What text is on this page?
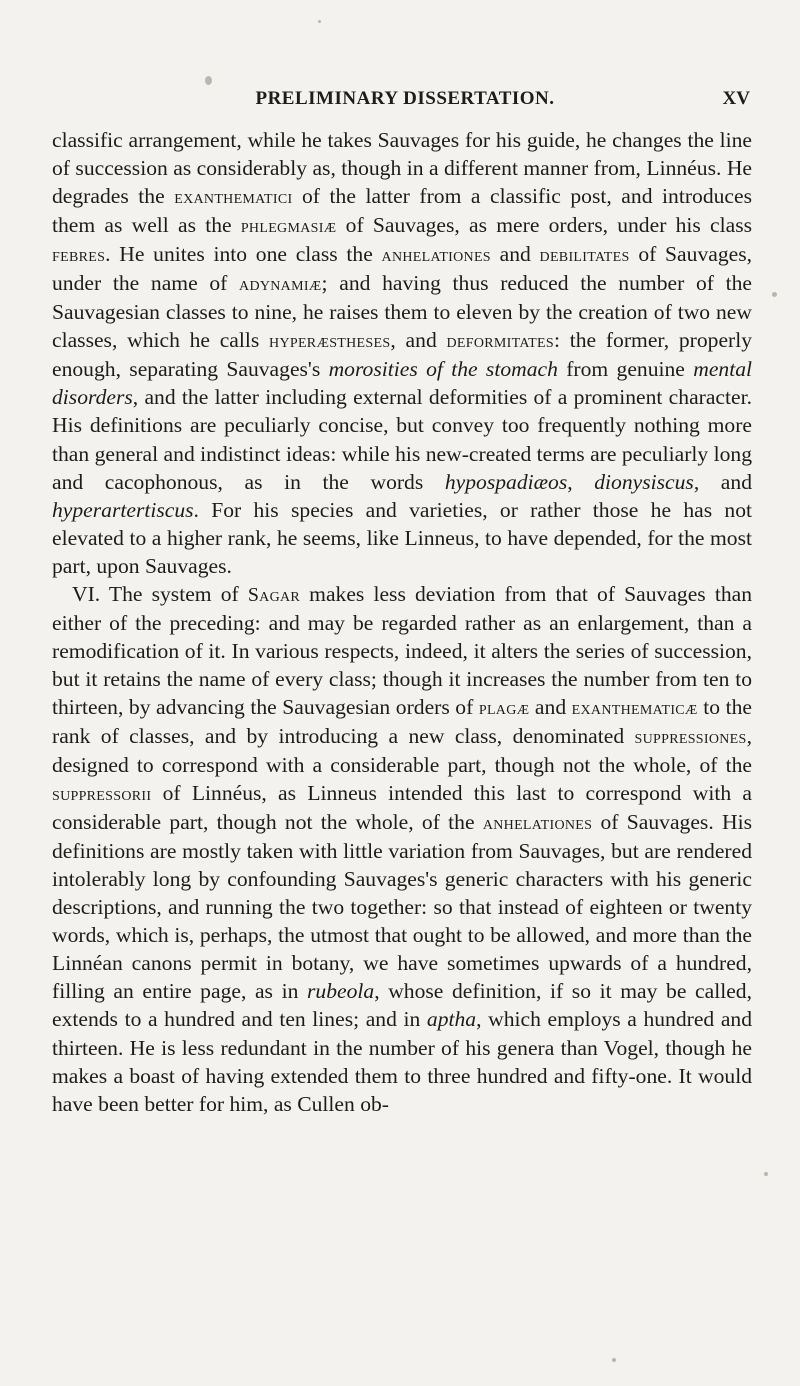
PRELIMINARY DISSERTATION.	XV

classific arrangement, while he takes Sauvages for his guide, he changes the line of succession as considerably as, though in a different manner from, Linnéus. He degrades the exanthematici of the latter from a classific post, and introduces them as well as the phlegmasiæ of Sauvages, as mere orders, under his class febres. He unites into one class the anhelationes and debilitates of Sauvages, under the name of adynamiæ; and having thus reduced the number of the Sauvagesian classes to nine, he raises them to eleven by the creation of two new classes, which he calls hyperæstheses, and deformitates: the former, properly enough, separating Sauvages's morosities of the stomach from genuine mental disorders, and the latter including external deformities of a prominent character. His definitions are peculiarly concise, but convey too frequently nothing more than general and indistinct ideas: while his new-created terms are peculiarly long and cacophonous, as in the words hypospadiæos, dionysiscus, and hyperartertiscus. For his species and varieties, or rather those he has not elevated to a higher rank, he seems, like Linneus, to have depended, for the most part, upon Sauvages.

VI. The system of Sagar makes less deviation from that of Sauvages than either of the preceding: and may be regarded rather as an enlargement, than a remodification of it. In various respects, indeed, it alters the series of succession, but it retains the name of every class; though it increases the number from ten to thirteen, by advancing the Sauvagesian orders of plagæ and exanthematicæ to the rank of classes, and by introducing a new class, denominated suppressiones, designed to correspond with a considerable part, though not the whole, of the suppressorii of Linnéus, as Linneus intended this last to correspond with a considerable part, though not the whole, of the anhelationes of Sauvages. His definitions are mostly taken with little variation from Sauvages, but are rendered intolerably long by confounding Sauvages's generic characters with his generic descriptions, and running the two together: so that instead of eighteen or twenty words, which is, perhaps, the utmost that ought to be allowed, and more than the Linnéan canons permit in botany, we have sometimes upwards of a hundred, filling an entire page, as in rubeola, whose definition, if so it may be called, extends to a hundred and ten lines; and in aptha, which employs a hundred and thirteen. He is less redundant in the number of his genera than Vogel, though he makes a boast of having extended them to three hundred and fifty-one. It would have been better for him, as Cullen ob-
